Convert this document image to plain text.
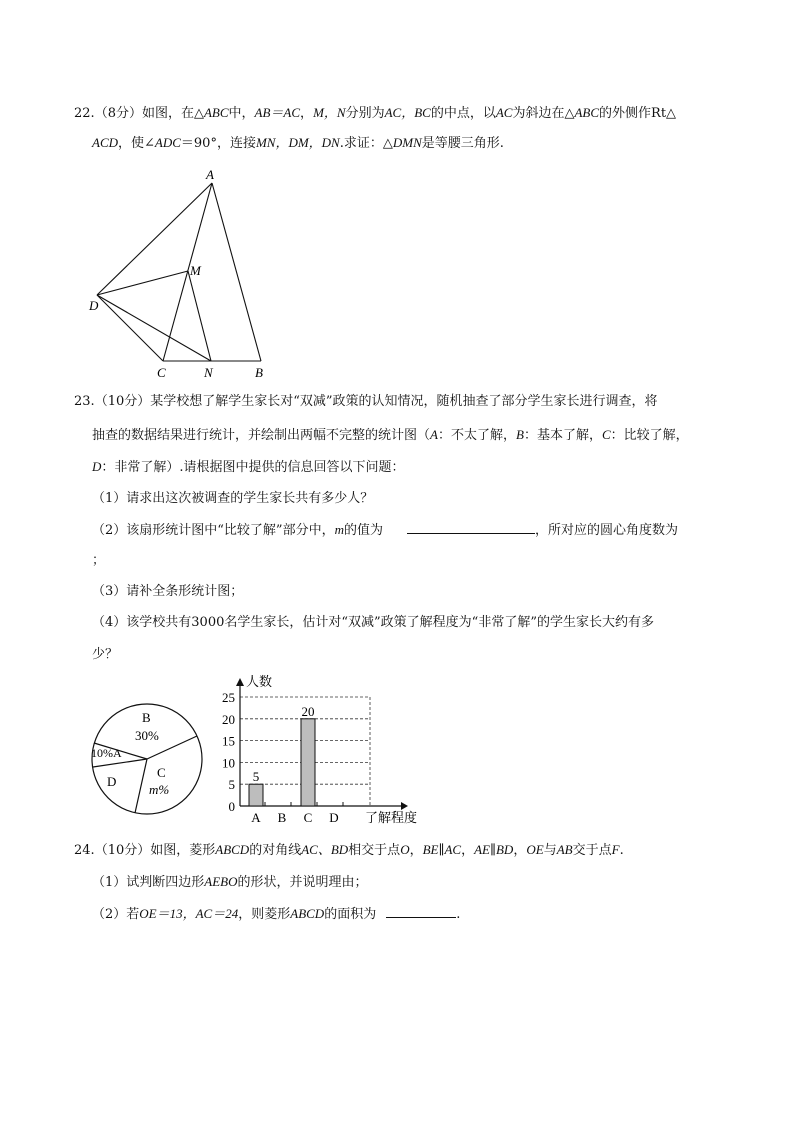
22.（8分）如图，在△ABC中，AB＝AC，M，N分别为AC，BC的中点，以AC为斜边在△ABC的外侧作Rt△
ACD，使∠ADC＝90°，连接MN，DM，DN.求证：△DMN是等腰三角形.
A
M
D
C	N	B
23.（10分）某学校想了解学生家长对“双减”政策的认知情况，随机抽查了部分学生家长进行调查，将
抽查的数据结果进行统计，并绘制出两幅不完整的统计图（A：不太了解，B：基本了解，C：比较了解，
D：非常了解）.请根据图中提供的信息回答以下问题：
（1）请求出这次被调查的学生家长共有多少人？
（2）该扇形统计图中“比较了解”部分中，m的值为	，所对应的圆心角度数为
；
（3）请补全条形统计图；
（4）该学校共有3000名学生家长，估计对“双减”政策了解程度为“非常了解”的学生家长大约有多
少？
B
30%
10%A
C
m%
D
人数
了解程度
0
5
10
15
20
25
A
5
B C
20
D
24.（10分）如图，菱形ABCD的对角线AC、BD相交于点O，BE∥AC，AE∥BD，OE与AB交于点F.
（1）试判断四边形AEBO的形状，并说明理由；
（2）若OE＝13，AC＝24，则菱形ABCD的面积为	.
